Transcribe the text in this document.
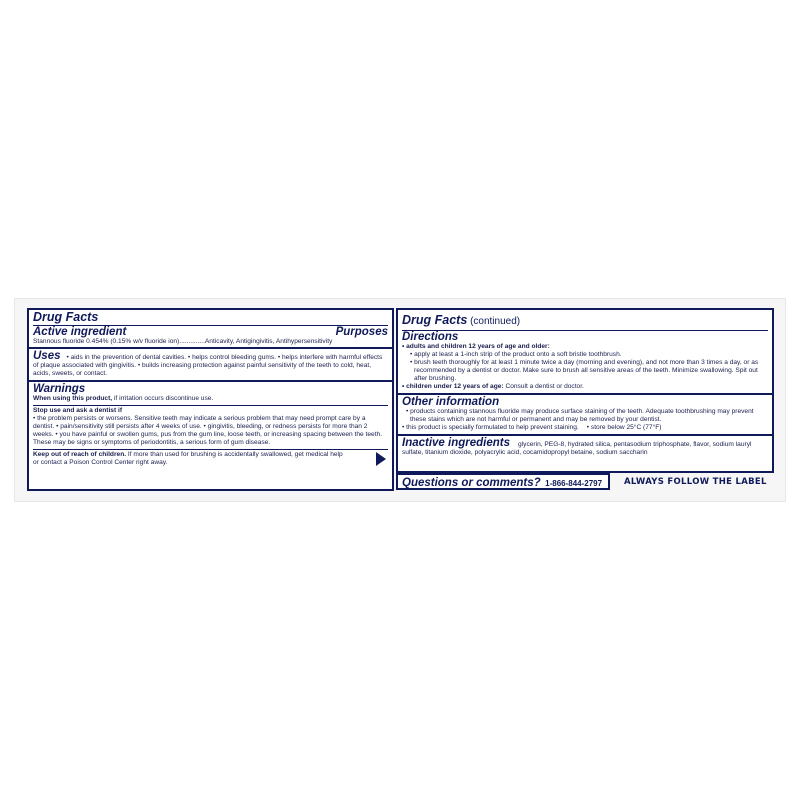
Drug Facts
Active ingredient	Purposes
Stannous fluoride 0.454% (0.15% w/v fluoride ion)..............Anticavity, Antigingivitis, Antihypersensitivity
Uses • aids in the prevention of dental cavities. • helps control bleeding gums. • helps interfere with harmful effects of plaque associated with gingivitis. • builds increasing protection against painful sensitivity of the teeth to cold, heat, acids, sweets, or contact.
Warnings
When using this product, if irritation occurs discontinue use.
Stop use and ask a dentist if
• the problem persists or worsens. Sensitive teeth may indicate a serious problem that may need prompt care by a dentist. • pain/sensitivity still persists after 4 weeks of use. • gingivitis, bleeding, or redness persists for more than 2 weeks. • you have painful or swollen gums, pus from the gum line, loose teeth, or increasing spacing between the teeth. These may be signs or symptoms of periodontitis, a serious form of gum disease.
Keep out of reach of children. If more than used for brushing is accidentally swallowed, get medical help or contact a Poison Control Center right away.
Drug Facts (continued)
Directions
• adults and children 12 years of age and older:
• apply at least a 1-inch strip of the product onto a soft bristle toothbrush.
• brush teeth thoroughly for at least 1 minute twice a day (morning and evening), and not more than 3 times a day, or as recommended by a dentist or doctor. Make sure to brush all sensitive areas of the teeth. Minimize swallowing. Spit out after brushing.
• children under 12 years of age: Consult a dentist or doctor.
Other information
• products containing stannous fluoride may produce surface staining of the teeth. Adequate toothbrushing may prevent these stains which are not harmful or permanent and may be removed by your dentist.
• this product is specially formulated to help prevent staining. • store below 25°C (77°F)
Inactive ingredients glycerin, PEG-8, hydrated silica, pentasodium triphosphate, flavor, sodium lauryl sulfate, titanium dioxide, polyacrylic acid, cocamidopropyl betaine, sodium saccharin
Questions or comments? 1-866-844-2797	ALWAYS FOLLOW THE LABEL
